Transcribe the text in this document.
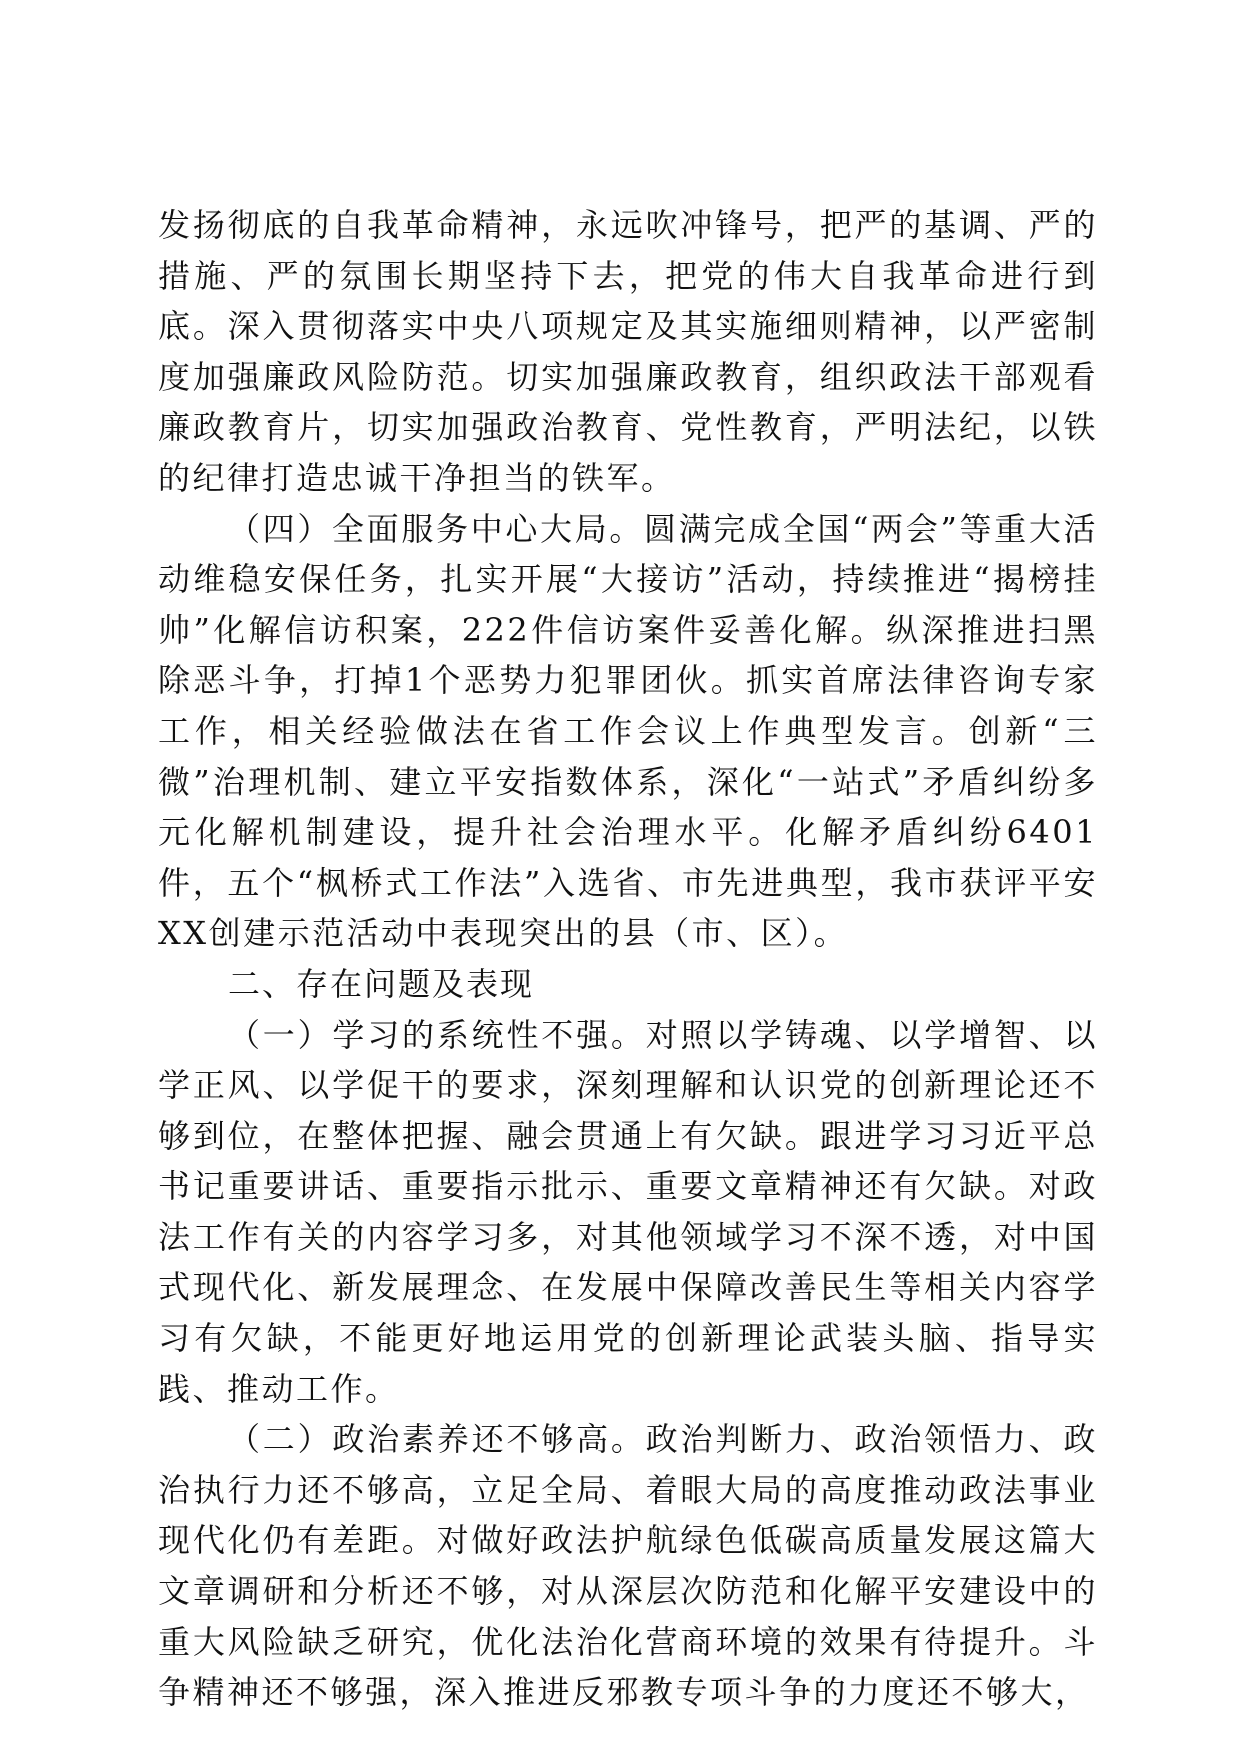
发扬彻底的自我革命精神，永远吹冲锋号，把严的基调、严的措施、严的氛围长期坚持下去，把党的伟大自我革命进行到底。深入贯彻落实中央八项规定及其实施细则精神，以严密制度加强廉政风险防范。切实加强廉政教育，组织政法干部观看廉政教育片，切实加强政治教育、党性教育，严明法纪，以铁的纪律打造忠诚干净担当的铁军。

（四）全面服务中心大局。圆满完成全国“两会”等重大活动维稳安保任务，扎实开展“大接访”活动，持续推进“揭榜挂帅”化解信访积案，222件信访案件妥善化解。纵深推进扫黑除恶斗争，打掉1个恶势力犯罪团伙。抓实首席法律咨询专家工作，相关经验做法在省工作会议上作典型发言。创新“三微”治理机制、建立平安指数体系，深化“一站式”矛盾纠纷多元化解机制建设，提升社会治理水平。化解矛盾纠纷6401件，五个“枫桥式工作法”入选省、市先进典型，我市获评平安XX创建示范活动中表现突出的县（市、区）。

二、存在问题及表现

（一）学习的系统性不强。对照以学铸魂、以学增智、以学正风、以学促干的要求，深刻理解和认识党的创新理论还不够到位，在整体把握、融会贯通上有欠缺。跟进学习习近平总书记重要讲话、重要指示批示、重要文章精神还有欠缺。对政法工作有关的内容学习多，对其他领域学习不深不透，对中国式现代化、新发展理念、在发展中保障改善民生等相关内容学习有欠缺，不能更好地运用党的创新理论武装头脑、指导实践、推动工作。

（二）政治素养还不够高。政治判断力、政治领悟力、政治执行力还不够高，立足全局、着眼大局的高度推动政法事业现代化仍有差距。对做好政法护航绿色低碳高质量发展这篇大文章调研和分析还不够，对从深层次防范和化解平安建设中的重大风险缺乏研究，优化法治化营商环境的效果有待提升。斗争精神还不够强，深入推进反邪教专项斗争的力度还不够大，
